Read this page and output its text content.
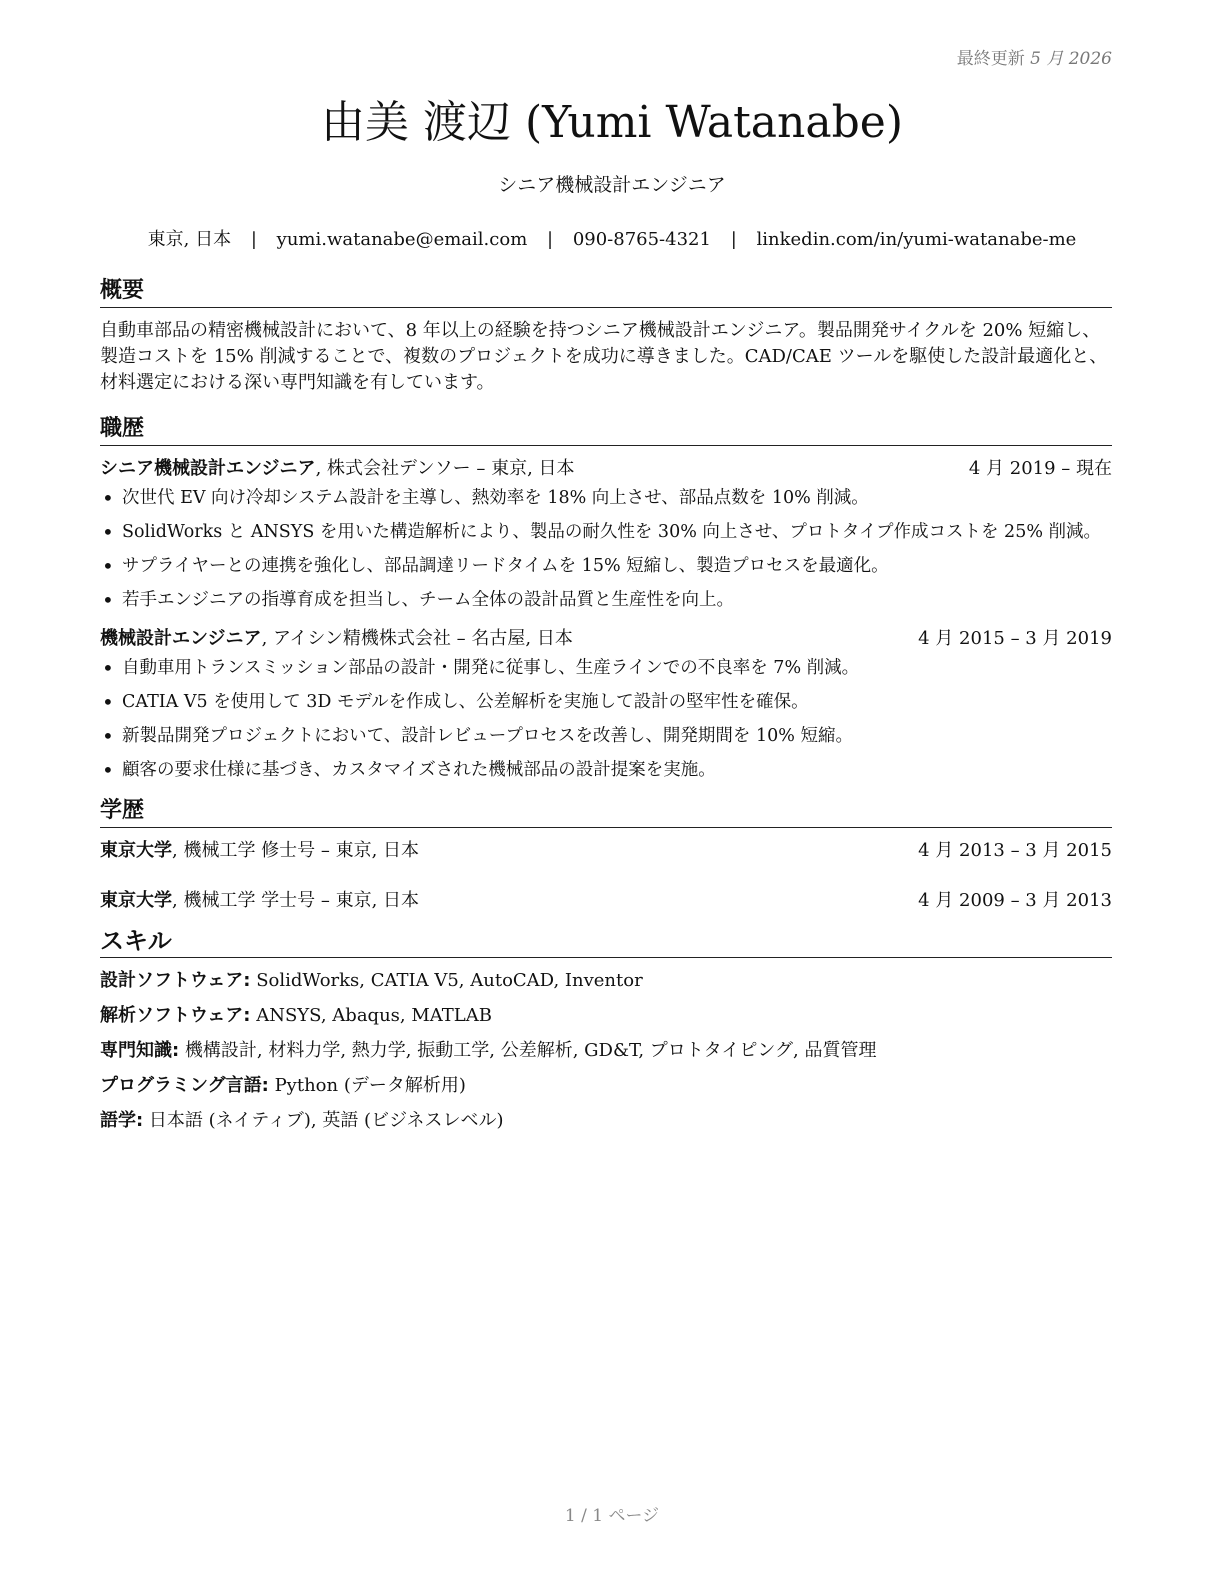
最終更新 5 月 2026
由美 渡辺 (Yumi Watanabe)
シニア機械設計エンジニア
東京, 日本 | yumi.watanabe@email.com | 090-8765-4321 | linkedin.com/in/yumi-watanabe-me
概要
自動車部品の精密機械設計において、8 年以上の経験を持つシニア機械設計エンジニア。製品開発サイクルを 20% 短縮し、製造コストを 15% 削減することで、複数のプロジェクトを成功に導きました。CAD/CAE ツールを駆使した設計最適化と、材料選定における深い専門知識を有しています。
職歴
シニア機械設計エンジニア, 株式会社デンソー – 東京, 日本	4 月 2019 – 現在
• 次世代 EV 向け冷却システム設計を主導し、熱効率を 18% 向上させ、部品点数を 10% 削減。
• SolidWorks と ANSYS を用いた構造解析により、製品の耐久性を 30% 向上させ、プロトタイプ作成コストを 25% 削減。
• サプライヤーとの連携を強化し、部品調達リードタイムを 15% 短縮し、製造プロセスを最適化。
• 若手エンジニアの指導育成を担当し、チーム全体の設計品質と生産性を向上。
機械設計エンジニア, アイシン精機株式会社 – 名古屋, 日本	4 月 2015 – 3 月 2019
• 自動車用トランスミッション部品の設計・開発に従事し、生産ラインでの不良率を 7% 削減。
• CATIA V5 を使用して 3D モデルを作成し、公差解析を実施して設計の堅牢性を確保。
• 新製品開発プロジェクトにおいて、設計レビュープロセスを改善し、開発期間を 10% 短縮。
• 顧客の要求仕様に基づき、カスタマイズされた機械部品の設計提案を実施。
学歴
東京大学, 機械工学 修士号 – 東京, 日本	4 月 2013 – 3 月 2015
東京大学, 機械工学 学士号 – 東京, 日本	4 月 2009 – 3 月 2013
スキル
設計ソフトウェア: SolidWorks, CATIA V5, AutoCAD, Inventor
解析ソフトウェア: ANSYS, Abaqus, MATLAB
専門知識: 機構設計, 材料力学, 熱力学, 振動工学, 公差解析, GD&T, プロトタイピング, 品質管理
プログラミング言語: Python (データ解析用)
語学: 日本語 (ネイティブ), 英語 (ビジネスレベル)
1 / 1 ページ
